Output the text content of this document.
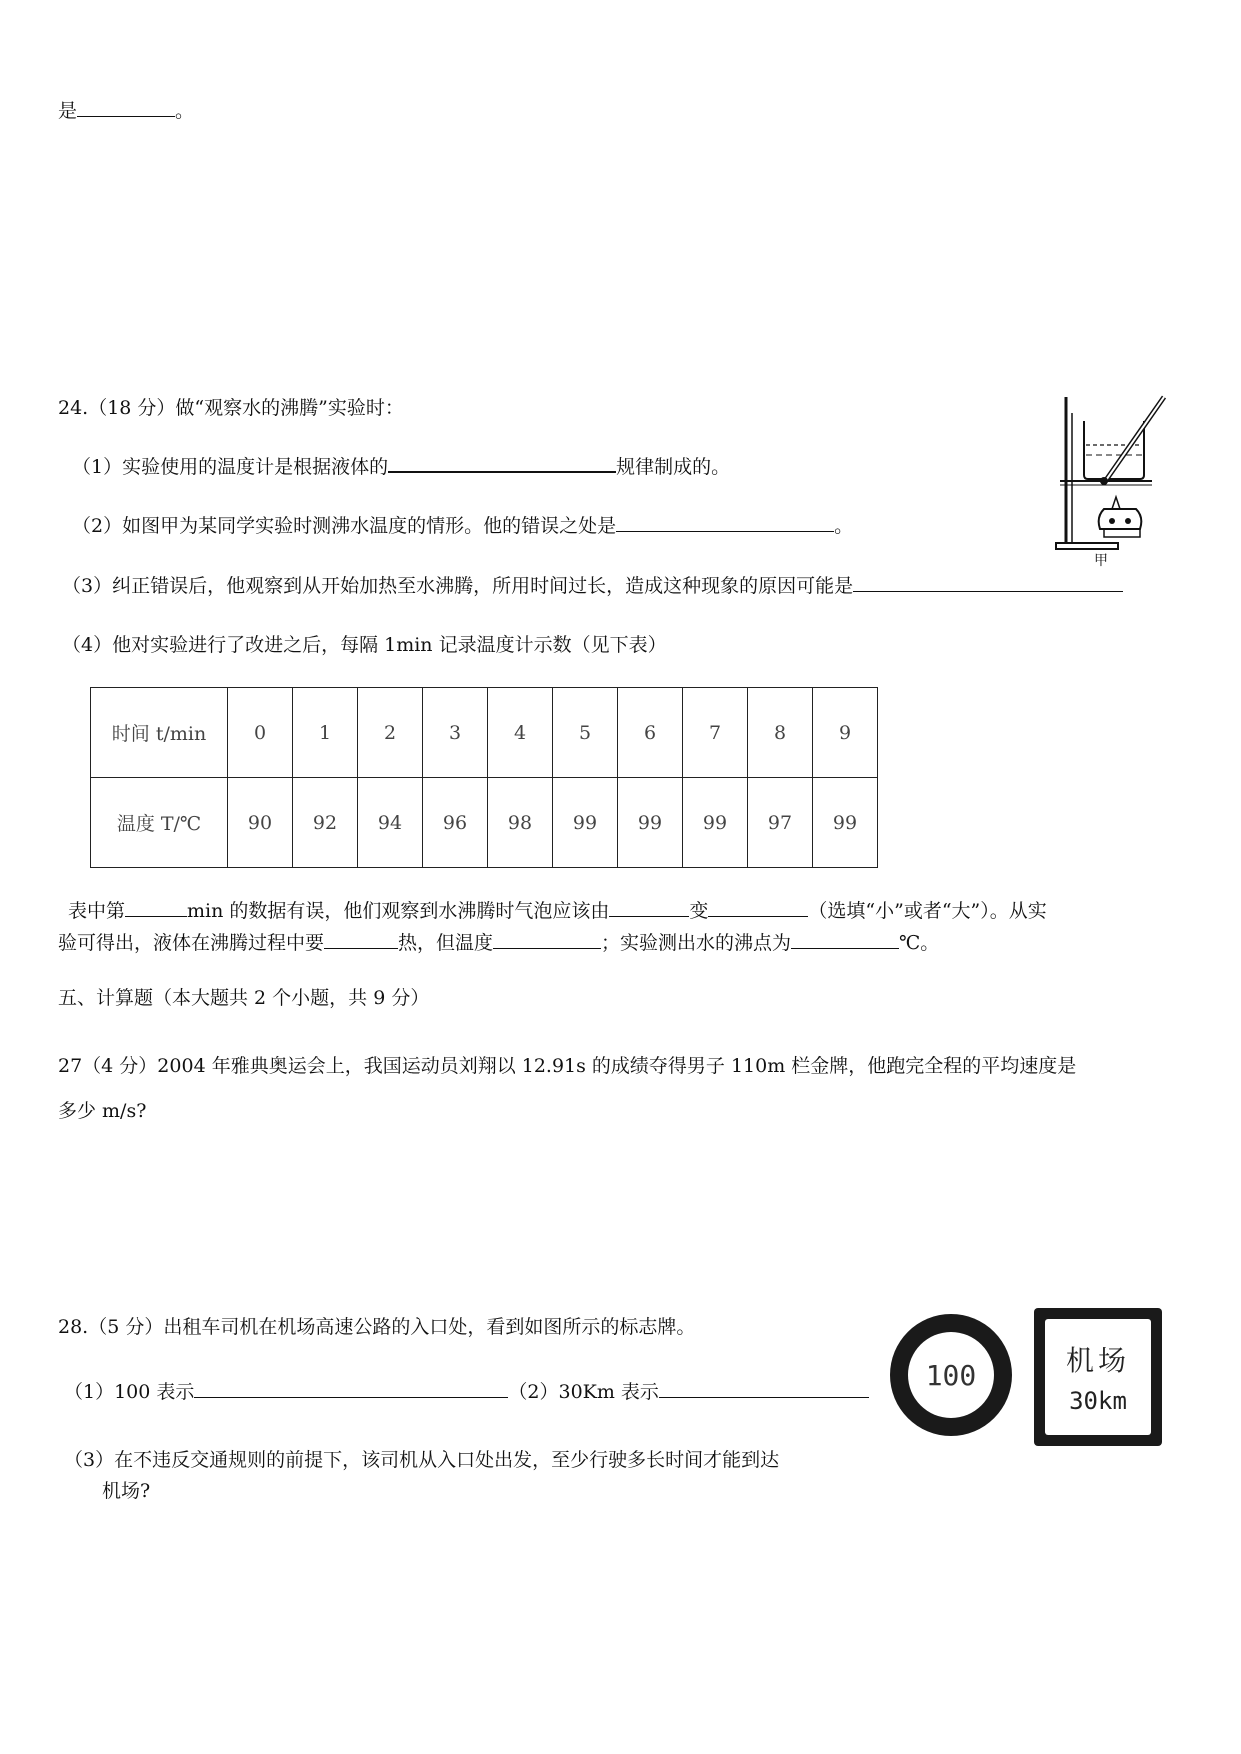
是	。
24.（18 分）做“观察水的沸腾”实验时：
（1）实验使用的温度计是根据液体的	规律制成的。
（2）如图甲为某同学实验时测沸水温度的情形。他的错误之处是	。
（3）纠正错误后，他观察到从开始加热至水沸腾，所用时间过长，造成这种现象的原因可能是
（4）他对实验进行了改进之后，每隔 1min 记录温度计示数（见下表）
甲
时间 t/min	0	1	2	3	4	5	6	7	8	9
温度 T/℃	90	92	94	96	98	99	99	99	97	99
表中第	min 的数据有误，他们观察到水沸腾时气泡应该由	变	（选填“小”或者“大”）。从实
验可得出，液体在沸腾过程中要	热，但温度	；实验测出水的沸点为	℃。
五、计算题（本大题共 2 个小题，共 9 分）
27（4 分）2004 年雅典奥运会上，我国运动员刘翔以 12.91s 的成绩夺得男子 110m 栏金牌，他跑完全程的平均速度是
多少 m/s?
28.（5 分）出租车司机在机场高速公路的入口处，看到如图所示的标志牌。
（1）100 表示	（2）30Km 表示
（3）在不违反交通规则的前提下，该司机从入口处出发，至少行驶多长时间才能到达
机场?
100	机场
30km
